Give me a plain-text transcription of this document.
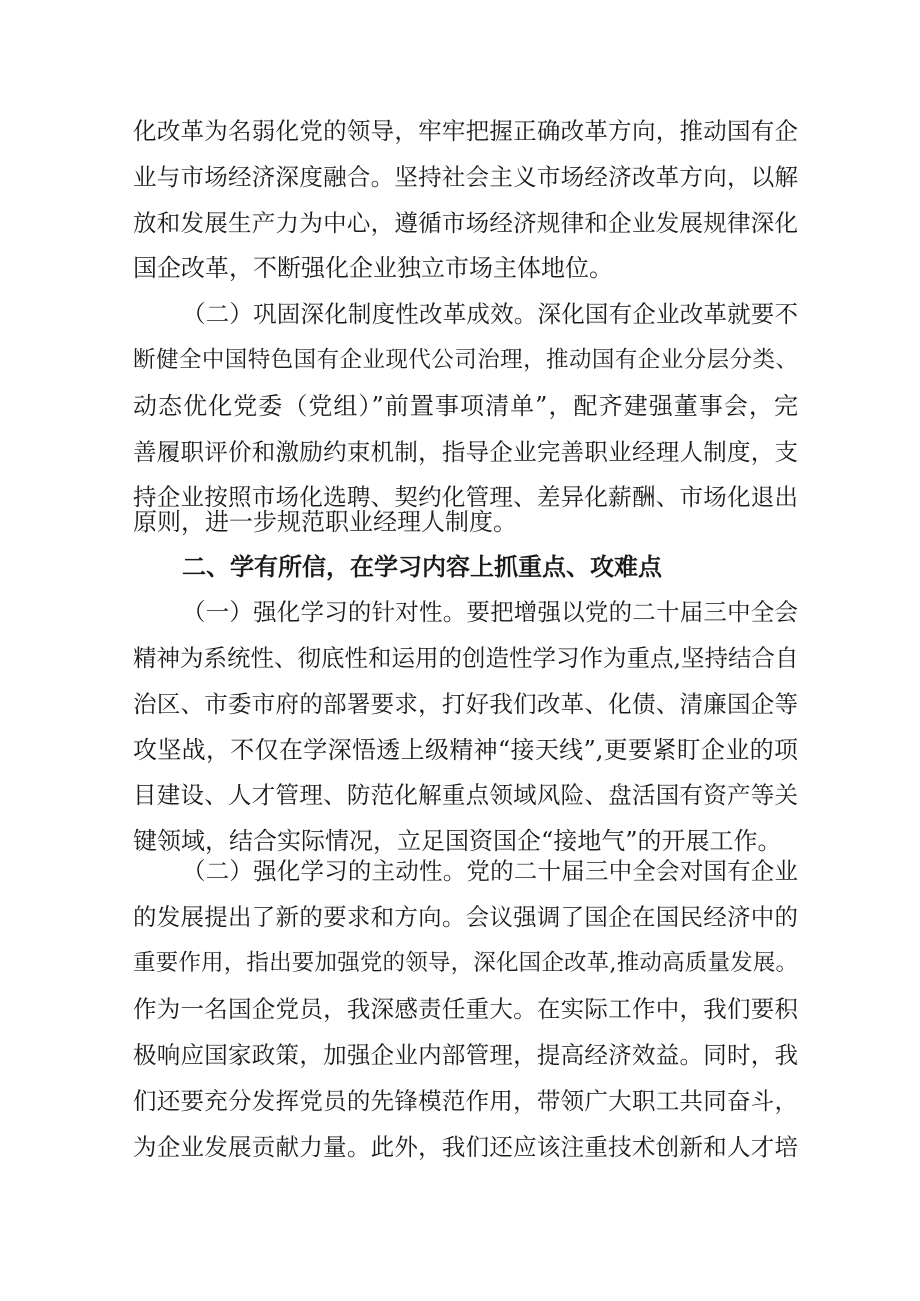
化改革为名弱化党的领导，牢牢把握正确改革方向，推动国有企
业与市场经济深度融合。坚持社会主义市场经济改革方向，以解
放和发展生产力为中心，遵循市场经济规律和企业发展规律深化
国企改革，不断强化企业独立市场主体地位。
（二）巩固深化制度性改革成效。深化国有企业改革就要不
断健全中国特色国有企业现代公司治理，推动国有企业分层分类、
动态优化党委（党组）”前置事项清单”，配齐建强董事会，完
善履职评价和激励约束机制，指导企业完善职业经理人制度，支
持企业按照市场化选聘、契约化管理、差异化薪酬、市场化退出
原则，进一步规范职业经理人制度。
二、学有所信，在学习内容上抓重点、攻难点
（一）强化学习的针对性。要把增强以党的二十届三中全会
精神为系统性、彻底性和运用的创造性学习作为重点,坚持结合自
治区、市委市府的部署要求，打好我们改革、化债、清廉国企等
攻坚战，不仅在学深悟透上级精神“接天线”,更要紧盯企业的项
目建设、人才管理、防范化解重点领域风险、盘活国有资产等关
键领域，结合实际情况，立足国资国企“接地气”的开展工作。
（二）强化学习的主动性。党的二十届三中全会对国有企业
的发展提出了新的要求和方向。会议强调了国企在国民经济中的
重要作用，指出要加强党的领导，深化国企改革,推动高质量发展。
作为一名国企党员，我深感责任重大。在实际工作中，我们要积
极响应国家政策，加强企业内部管理，提高经济效益。同时，我
们还要充分发挥党员的先锋模范作用，带领广大职工共同奋斗，
为企业发展贡献力量。此外，我们还应该注重技术创新和人才培
